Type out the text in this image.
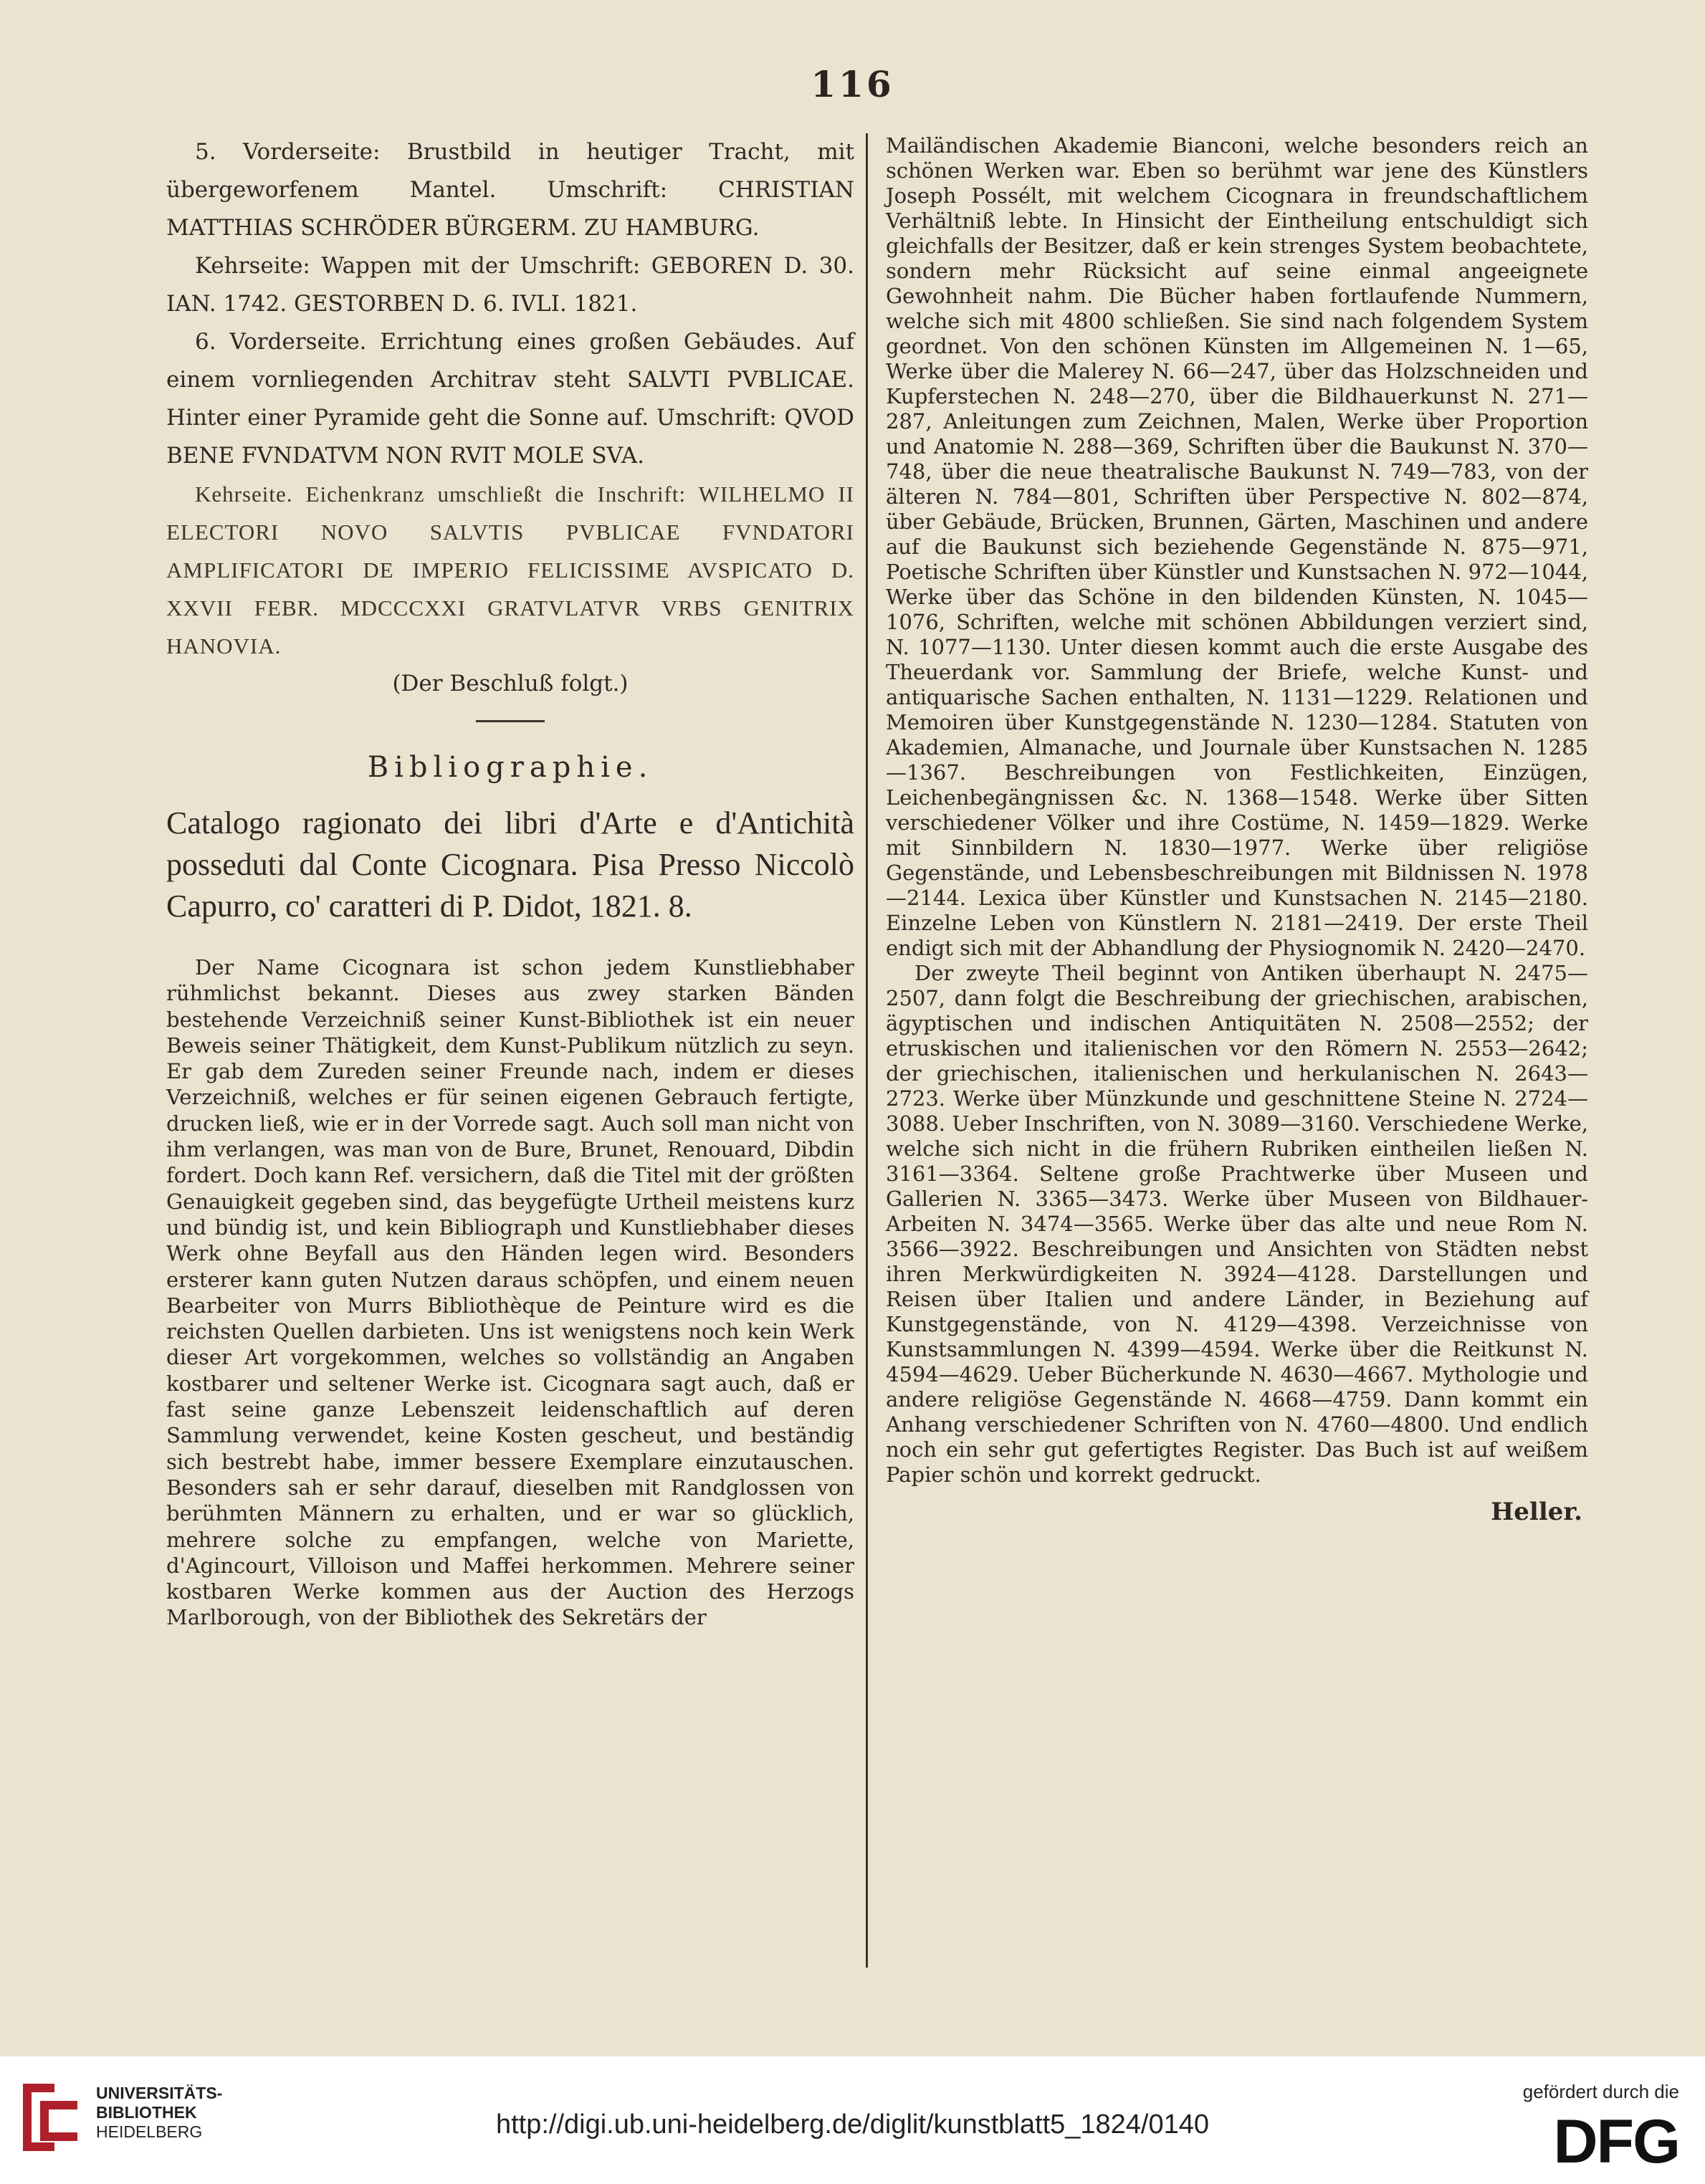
116

5. Vorderseite: Brustbild in heutiger Tracht, mit übergeworfenem Mantel. Umschrift: CHRISTIAN MATTHIAS SCHRÖDER BÜRGERM. ZU HAMBURG.

Kehrseite: Wappen mit der Umschrift: GEBOREN D. 30. IAN. 1742. GESTORBEN D. 6. IVLI. 1821.

6. Vorderseite. Errichtung eines großen Gebäudes. Auf einem vornliegenden Architrav steht SALVTI PVBLICAE. Hinter einer Pyramide geht die Sonne auf. Umschrift: QVOD BENE FVNDATVM NON RVIT MOLE SVA.

Kehrseite. Eichenkranz umschließt die Inschrift: WILHELMO II ELECTORI NOVO SALVTIS PVBLICAE FVNDATORI AMPLIFICATORI DE IMPERIO FELICISSIME AVSPICATO D. XXVII FEBR. MDCCCXXI GRATVLATVR VRBS GENITRIX HANOVIA.

(Der Beschluß folgt.)

Bibliographie.
Catalogo ragionato dei libri d'Arte e d'Antichità posseduti dal Conte Cicognara. Pisa Presso Niccolò Capurro, co' caratteri di P. Didot, 1821. 8.

Der Name Cicognara ist schon jedem Kunstliebhaber rühmlichst bekannt. Dieses aus zwey starken Bänden bestehende Verzeichniß seiner Kunst-Bibliothek ist ein neuer Beweis seiner Thätigkeit, dem Kunst-Publikum nützlich zu seyn. Er gab dem Zureden seiner Freunde nach, indem er dieses Verzeichniß, welches er für seinen eigenen Gebrauch fertigte, drucken ließ, wie er in der Vorrede sagt. Auch soll man nicht von ihm verlangen, was man von de Bure, Brunet, Renouard, Dibdin fordert. Doch kann Ref. versichern, daß die Titel mit der größten Genauigkeit gegeben sind, das beygefügte Urtheil meistens kurz und bündig ist, und kein Bibliograph und Kunstliebhaber dieses Werk ohne Beyfall aus den Händen legen wird. Besonders ersterer kann guten Nutzen daraus schöpfen, und einem neuen Bearbeiter von Murrs Bibliothèque de Peinture wird es die reichsten Quellen darbieten. Uns ist wenigstens noch kein Werk dieser Art vorgekommen, welches so vollständig an Angaben kostbarer und seltener Werke ist. Cicognara sagt auch, daß er fast seine ganze Lebenszeit leidenschaftlich auf deren Sammlung verwendet, keine Kosten gescheut, und beständig sich bestrebt habe, immer bessere Exemplare einzutauschen. Besonders sah er sehr darauf, dieselben mit Randglossen von berühmten Männern zu erhalten, und er war so glücklich, mehrere solche zu empfangen, welche von Mariette, d'Agincourt, Villoison und Maffei herkommen. Mehrere seiner kostbaren Werke kommen aus der Auction des Herzogs Marlborough, von der Bibliothek des Sekretärs der

Mailändischen Akademie Bianconi, welche besonders reich an schönen Werken war. Eben so berühmt war jene des Künstlers Joseph Possélt, mit welchem Cicognara in freundschaftlichem Verhältniß lebte. In Hinsicht der Eintheilung entschuldigt sich gleichfalls der Besitzer, daß er kein strenges System beobachtete, sondern mehr Rücksicht auf seine einmal angeeignete Gewohnheit nahm. Die Bücher haben fortlaufende Nummern, welche sich mit 4800 schließen. Sie sind nach folgendem System geordnet. Von den schönen Künsten im Allgemeinen N. 1—65, Werke über die Malerey N. 66—247, über das Holzschneiden und Kupferstechen N. 248—270, über die Bildhauerkunst N. 271—287, Anleitungen zum Zeichnen, Malen, Werke über Proportion und Anatomie N. 288—369, Schriften über die Baukunst N. 370—748, über die neue theatralische Baukunst N. 749—783, von der älteren N. 784—801, Schriften über Perspective N. 802—874, über Gebäude, Brücken, Brunnen, Gärten, Maschinen und andere auf die Baukunst sich beziehende Gegenstände N. 875—971, Poetische Schriften über Künstler und Kunstsachen N. 972—1044, Werke über das Schöne in den bildenden Künsten, N. 1045—1076, Schriften, welche mit schönen Abbildungen verziert sind, N. 1077—1130. Unter diesen kommt auch die erste Ausgabe des Theuerdank vor. Sammlung der Briefe, welche Kunst- und antiquarische Sachen enthalten, N. 1131—1229. Relationen und Memoiren über Kunstgegenstände N. 1230—1284. Statuten von Akademien, Almanache, und Journale über Kunstsachen N. 1285—1367. Beschreibungen von Festlichkeiten, Einzügen, Leichenbegängnissen &c. N. 1368—1548. Werke über Sitten verschiedener Völker und ihre Costüme, N. 1459—1829. Werke mit Sinnbildern N. 1830—1977. Werke über religiöse Gegenstände, und Lebensbeschreibungen mit Bildnissen N. 1978—2144. Lexica über Künstler und Kunstsachen N. 2145—2180. Einzelne Leben von Künstlern N. 2181—2419. Der erste Theil endigt sich mit der Abhandlung der Physiognomik N. 2420—2470.

Der zweyte Theil beginnt von Antiken überhaupt N. 2475—2507, dann folgt die Beschreibung der griechischen, arabischen, ägyptischen und indischen Antiquitäten N. 2508—2552; der etruskischen und italienischen vor den Römern N. 2553—2642; der griechischen, italienischen und herkulanischen N. 2643—2723. Werke über Münzkunde und geschnittene Steine N. 2724—3088. Ueber Inschriften, von N. 3089—3160. Verschiedene Werke, welche sich nicht in die frühern Rubriken eintheilen ließen N. 3161—3364. Seltene große Prachtwerke über Museen und Gallerien N. 3365—3473. Werke über Museen von Bildhauer-Arbeiten N. 3474—3565. Werke über das alte und neue Rom N. 3566—3922. Beschreibungen und Ansichten von Städten nebst ihren Merkwürdigkeiten N. 3924—4128. Darstellungen und Reisen über Italien und andere Länder, in Beziehung auf Kunstgegenstände, von N. 4129—4398. Verzeichnisse von Kunstsammlungen N. 4399—4594. Werke über die Reitkunst N. 4594—4629. Ueber Bücherkunde N. 4630—4667. Mythologie und andere religiöse Gegenstände N. 4668—4759. Dann kommt ein Anhang verschiedener Schriften von N. 4760—4800. Und endlich noch ein sehr gut gefertigtes Register. Das Buch ist auf weißem Papier schön und korrekt gedruckt.

Heller.
UNIVERSITÄTS-
BIBLIOTHEK
HEIDELBERG	http://digi.ub.uni-heidelberg.de/diglit/kunstblatt5_1824/0140
gefördert durch die
DFG
